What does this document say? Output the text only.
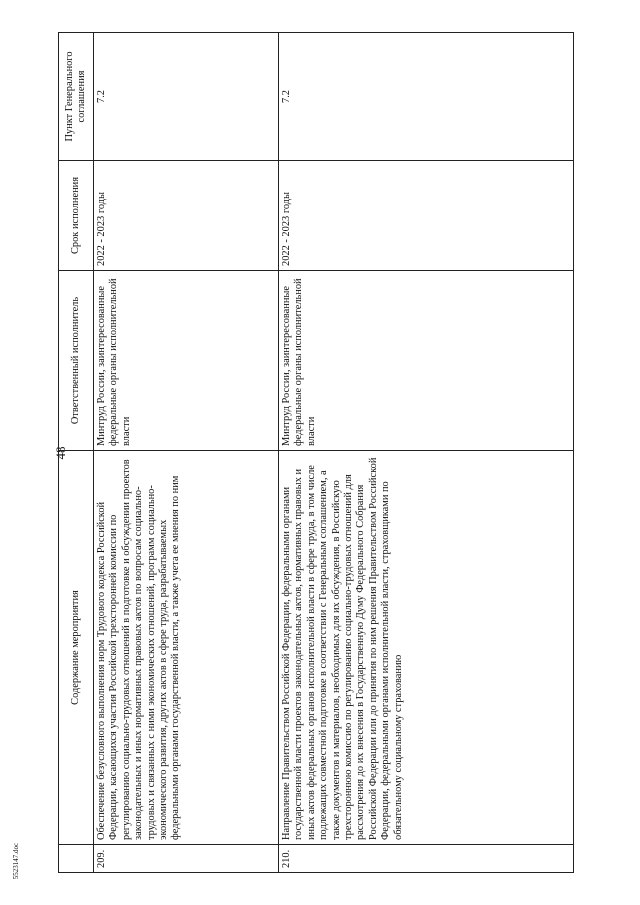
48
	Содержание мероприятия	Ответственный исполнитель	Срок исполнения	Пункт Генерального соглашения
209.	Обеспечение безусловного выполнения норм Трудового кодекса Российской Федерации, касающихся участия Российской трехсторонней комиссии по регулированию социально-трудовых отношений в подготовке и обсуждении проектов законодательных и иных нормативных правовых актов по вопросам социально-трудовых и связанных с ними экономических отношений, программ социально-экономического развития, других актов в сфере труда, разрабатываемых федеральными органами государственной власти, а также учета ее мнения по ним	Минтруд России, заинтересованные федеральные органы исполнительной власти	2022 - 2023 годы	7.2
210.	Направление Правительством Российской Федерации, федеральными органами государственной власти проектов законодательных актов, нормативных правовых и иных актов федеральных органов исполнительной власти в сфере труда, в том числе подлежащих совместной подготовке в соответствии с Генеральным соглашением, а также документов и материалов, необходимых для их обсуждения, в Российскую трехстороннюю комиссию по регулированию социально-трудовых отношений для рассмотрения до их внесения в Государственную Думу Федерального Собрания Российской Федерации или до принятия по ним решения Правительством Российской Федерации, федеральными органами исполнительной власти, страховщиками по обязательному социальному страхованию	Минтруд России, заинтересованные федеральные органы исполнительной власти	2022 - 2023 годы	7.2
5523147.doc
